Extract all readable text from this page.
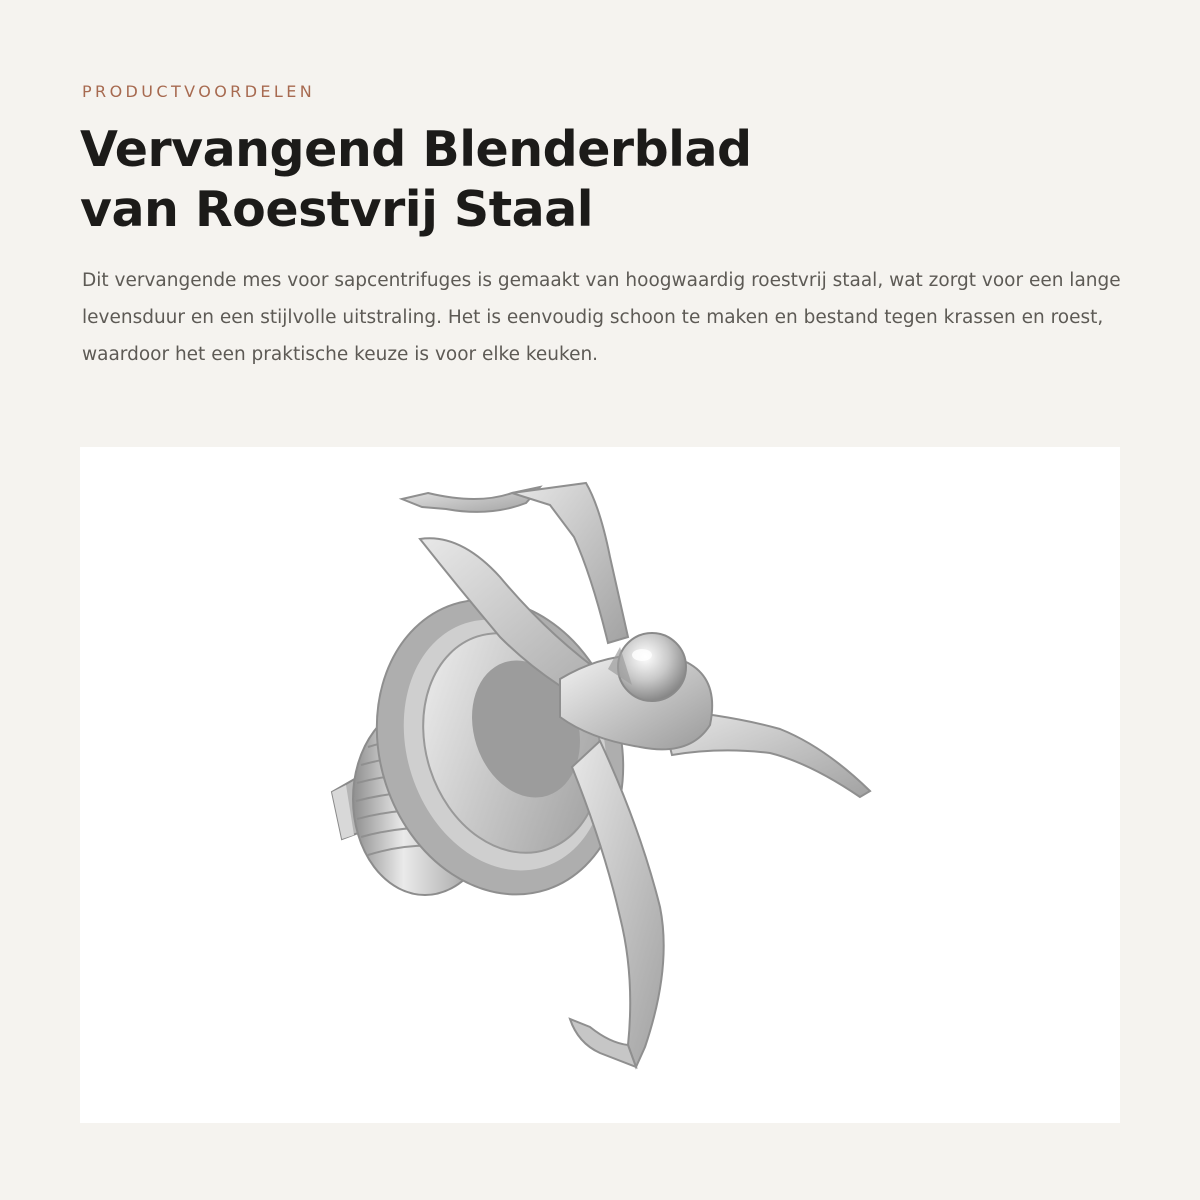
PRODUCTVOORDELEN
Vervangend Blenderblad
van Roestvrij Staal

Dit vervangende mes voor sapcentrifuges is gemaakt van hoogwaardig roestvrij staal, wat zorgt voor een lange levensduur en een stijlvolle uitstraling. Het is eenvoudig schoon te maken en bestand tegen krassen en roest, waardoor het een praktische keuze is voor elke keuken.
